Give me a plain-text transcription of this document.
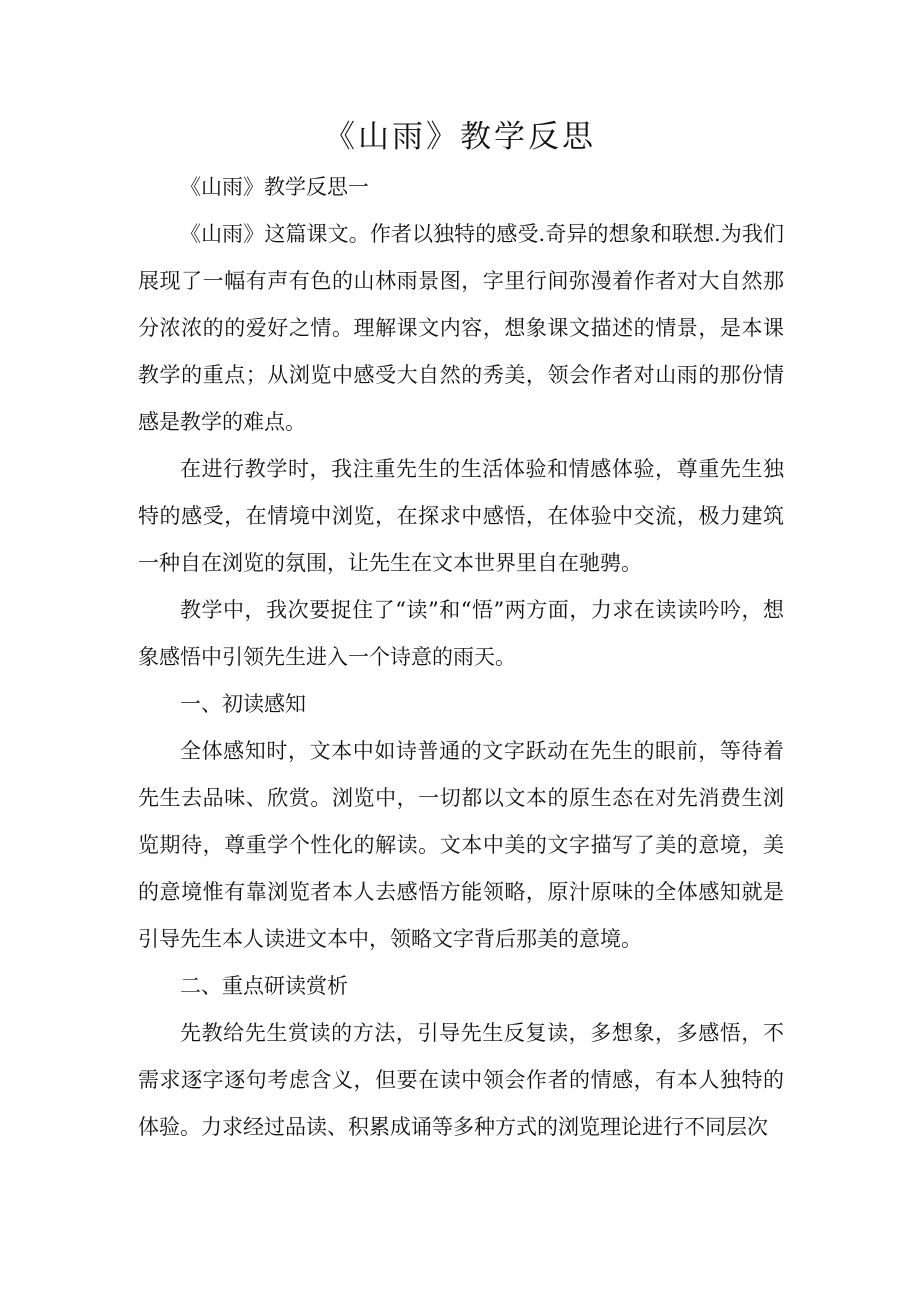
《山雨》教学反思

《山雨》教学反思一

《山雨》这篇课文。作者以独特的感受.奇异的想象和联想.为我们展现了一幅有声有色的山林雨景图，字里行间弥漫着作者对大自然那分浓浓的的爱好之情。理解课文内容，想象课文描述的情景，是本课教学的重点；从浏览中感受大自然的秀美，领会作者对山雨的那份情感是教学的难点。

在进行教学时，我注重先生的生活体验和情感体验，尊重先生独特的感受，在情境中浏览，在探求中感悟，在体验中交流，极力建筑一种自在浏览的氛围，让先生在文本世界里自在驰骋。

教学中，我次要捉住了“读”和“悟”两方面，力求在读读吟吟，想象感悟中引领先生进入一个诗意的雨天。

一、初读感知

全体感知时，文本中如诗普通的文字跃动在先生的眼前，等待着先生去品味、欣赏。浏览中，一切都以文本的原生态在对先消费生浏览期待，尊重学个性化的解读。文本中美的文字描写了美的意境，美的意境惟有靠浏览者本人去感悟方能领略，原汁原味的全体感知就是引导先生本人读进文本中，领略文字背后那美的意境。

二、重点研读赏析

先教给先生赏读的方法，引导先生反复读，多想象，多感悟，不需求逐字逐句考虑含义，但要在读中领会作者的情感，有本人独特的体验。力求经过品读、积累成诵等多种方式的浏览理论进行不同层次
